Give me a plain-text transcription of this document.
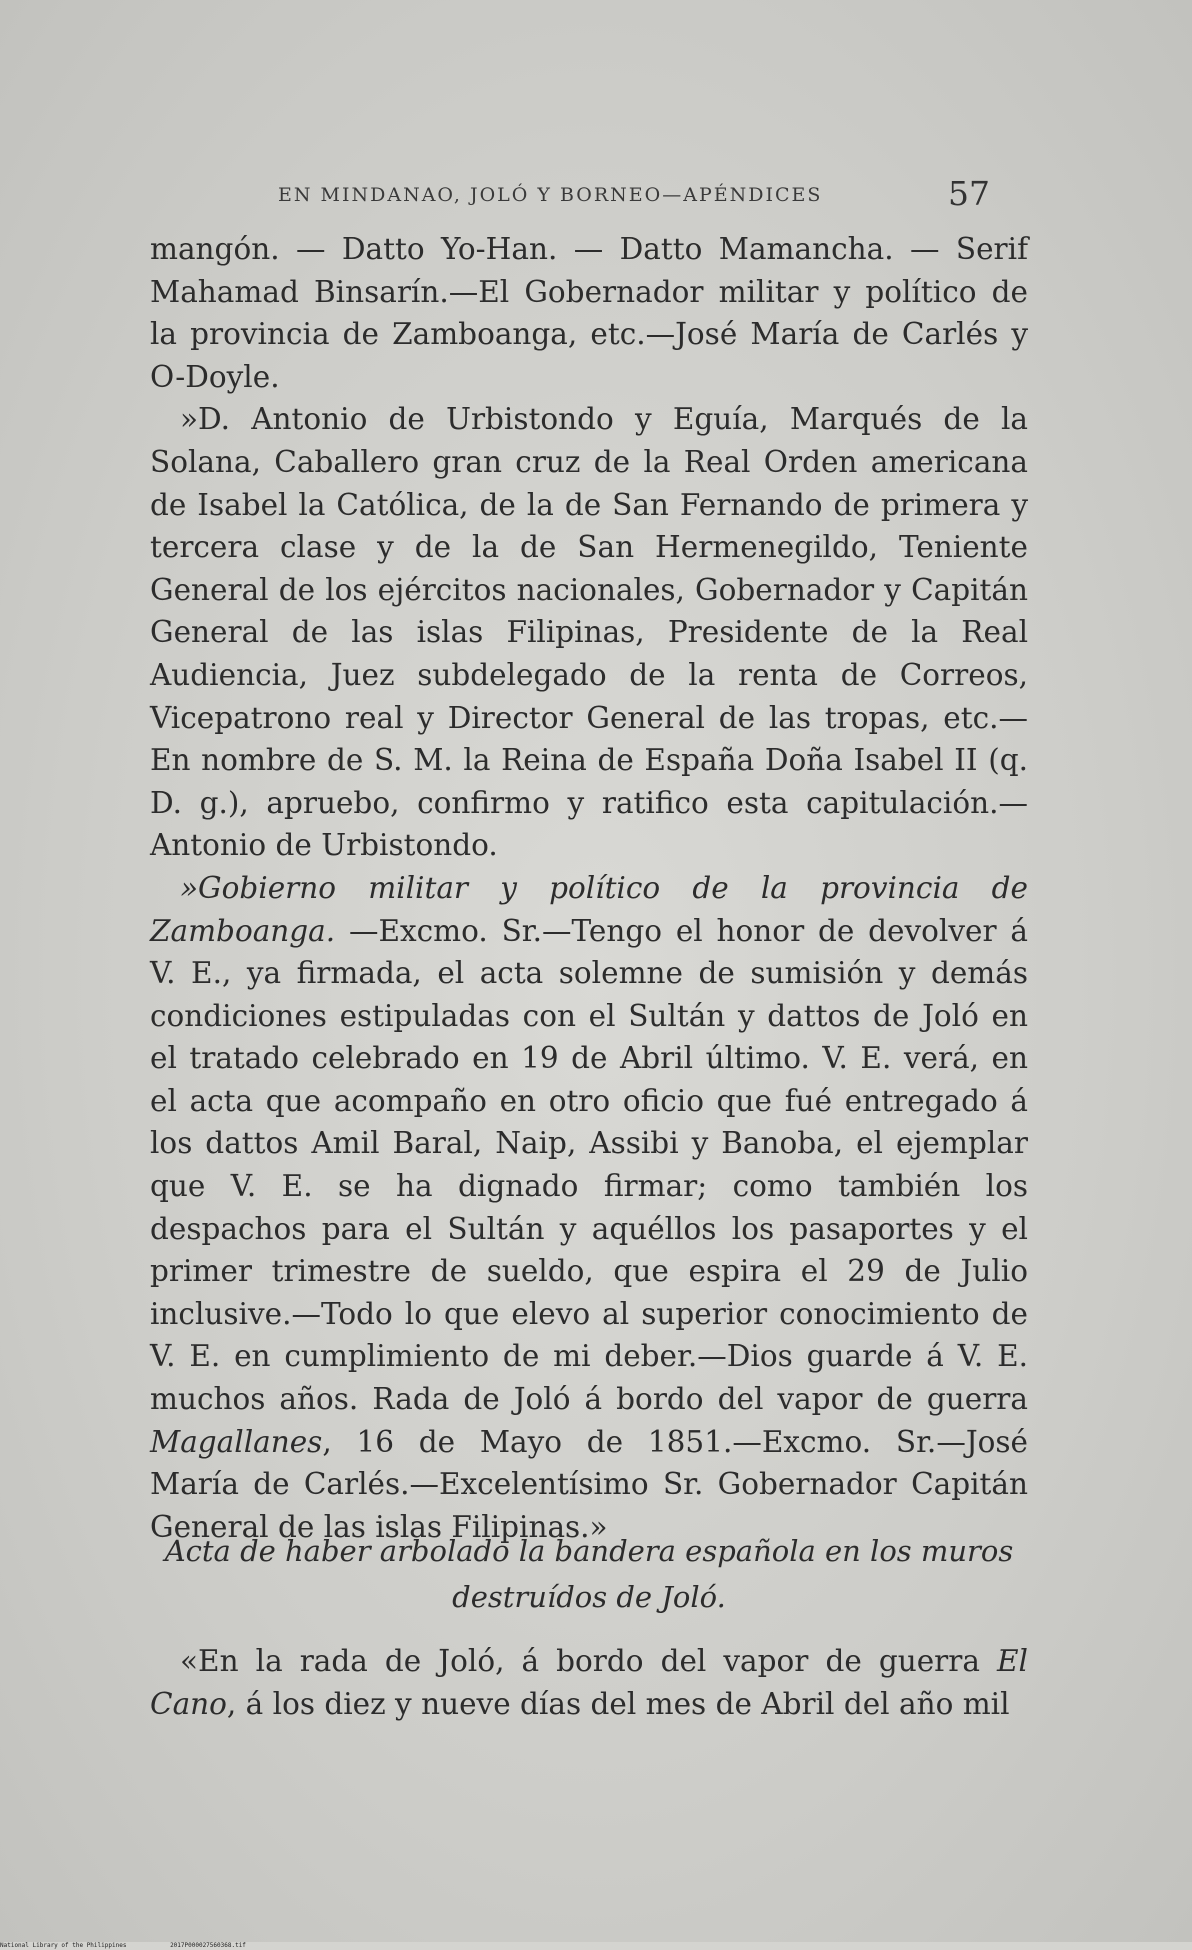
EN MINDANAO, JOLÓ Y BORNEO—APÉNDICES	57

mangón. — Datto Yo-Han. — Datto Mamancha. — Serif Mahamad Binsarín.—El Gobernador militar y político de la provincia de Zamboanga, etc.—José María de Carlés y O-Doyle.

»D. Antonio de Urbistondo y Eguía, Marqués de la Solana, Caballero gran cruz de la Real Orden americana de Isabel la Católica, de la de San Fernando de primera y tercera clase y de la de San Hermenegildo, Teniente General de los ejércitos nacionales, Gobernador y Capitán General de las islas Filipinas, Presidente de la Real Audiencia, Juez subdelegado de la renta de Correos, Vicepatrono real y Director General de las tropas, etc.—En nombre de S. M. la Reina de España Doña Isabel II (q. D. g.), apruebo, confirmo y ratifico esta capitulación.—Antonio de Urbistondo.

»Gobierno militar y político de la provincia de Zamboanga. —Excmo. Sr.—Tengo el honor de devolver á V. E., ya firmada, el acta solemne de sumisión y demás condiciones estipuladas con el Sultán y dattos de Joló en el tratado celebrado en 19 de Abril último. V. E. verá, en el acta que acompaño en otro oficio que fué entregado á los dattos Amil Baral, Naip, Assibi y Banoba, el ejemplar que V. E. se ha dignado firmar; como también los despachos para el Sultán y aquéllos los pasaportes y el primer trimestre de sueldo, que espira el 29 de Julio inclusive.—Todo lo que elevo al superior conocimiento de V. E. en cumplimiento de mi deber.—Dios guarde á V. E. muchos años. Rada de Joló á bordo del vapor de guerra Magallanes, 16 de Mayo de 1851.—Excmo. Sr.—José María de Carlés.—Excelentísimo Sr. Gobernador Capitán General de las islas Filipinas.»

Acta de haber arbolado la bandera española en los muros
destruídos de Joló.

«En la rada de Joló, á bordo del vapor de guerra El Cano, á los diez y nueve días del mes de Abril del año mil

National Library of the Philippines	2017P000027560368.tif
